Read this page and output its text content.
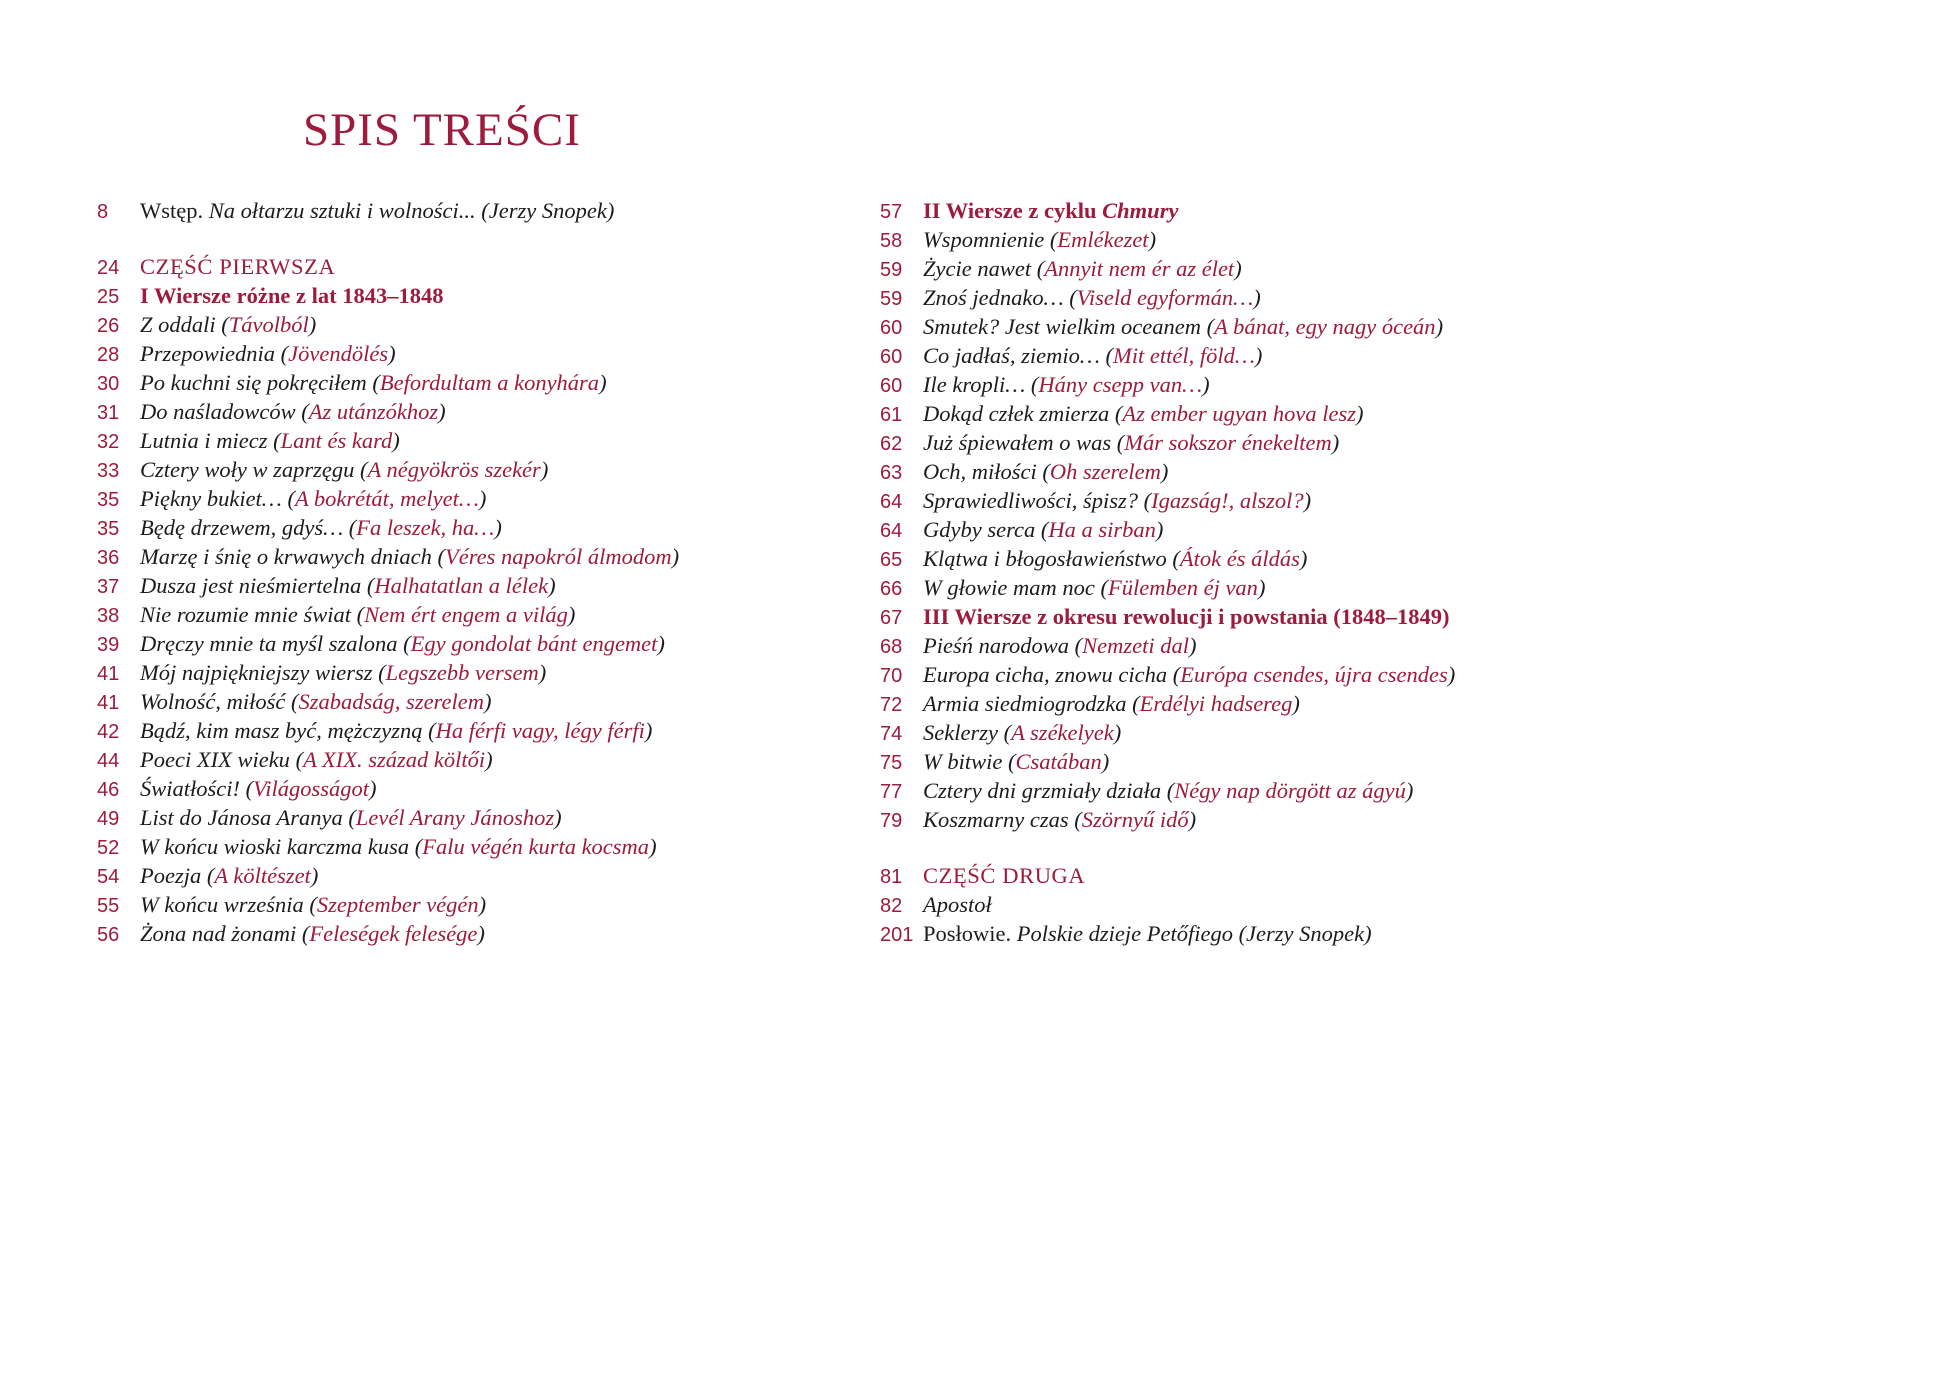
SPIS TREŚCI
8	Wstęp. Na ołtarzu sztuki i wolności... (Jerzy Snopek)
24 CZĘŚĆ PIERWSZA
25 I Wiersze różne z lat 1843–1848
26 Z oddali (Távolból)
28 Przepowiednia (Jövendölés)
30 Po kuchni się pokręciłem (Befordultam a konyhára)
31 Do naśladowców (Az utánzókhoz)
32 Lutnia i miecz (Lant és kard)
33 Cztery woły w zaprzęgu (A négyökrös szekér)
35 Piękny bukiet… (A bokrétát, melyet…)
35 Będę drzewem, gdyś… (Fa leszek, ha…)
36 Marzę i śnię o krwawych dniach (Véres napokról álmodom)
37 Dusza jest nieśmiertelna (Halhatatlan a lélek)
38 Nie rozumie mnie świat (Nem ért engem a világ)
39 Dręczy mnie ta myśl szalona (Egy gondolat bánt engemet)
41 Mój najpiękniejszy wiersz (Legszebb versem)
41 Wolność, miłość (Szabadság, szerelem)
42 Bądź, kim masz być, mężczyzną (Ha férfi vagy, légy férfi)
44 Poeci XIX wieku (A XIX. század költői)
46 Światłości! (Világosságot)
49 List do Jánosa Aranya (Levél Arany Jánoshoz)
52 W końcu wioski karczma kusa (Falu végén kurta kocsma)
54 Poezja (A költészet)
55 W końcu września (Szeptember végén)
56 Żona nad żonami (Feleségek felesége)
57 II Wiersze z cyklu Chmury
58 Wspomnienie (Emlékezet)
59 Życie nawet (Annyit nem ér az élet)
59 Znoś jednako… (Viseld egyformán…)
60 Smutek? Jest wielkim oceanem (A bánat, egy nagy óceán)
60 Co jadłaś, ziemio… (Mit ettél, föld…)
60 Ile kropli… (Hány csepp van…)
61 Dokąd człek zmierza (Az ember ugyan hova lesz)
62 Już śpiewałem o was (Már sokszor énekeltem)
63 Och, miłości (Oh szerelem)
64 Sprawiedliwości, śpisz? (Igazság!, alszol?)
64 Gdyby serca (Ha a sirban)
65 Klątwa i błogosławieństwo (Átok és áldás)
66 W głowie mam noc (Fülemben éj van)
67 III Wiersze z okresu rewolucji i powstania (1848–1849)
68 Pieśń narodowa (Nemzeti dal)
70 Europa cicha, znowu cicha (Európa csendes, újra csendes)
72 Armia siedmiogrodzka (Erdélyi hadsereg)
74 Seklerzy (A székelyek)
75 W bitwie (Csatában)
77 Cztery dni grzmiały działa (Négy nap dörgött az ágyú)
79 Koszmarny czas (Szörnyű idő)
81 CZĘŚĆ DRUGA
82 Apostoł
201 Posłowie. Polskie dzieje Petőfiego (Jerzy Snopek)
